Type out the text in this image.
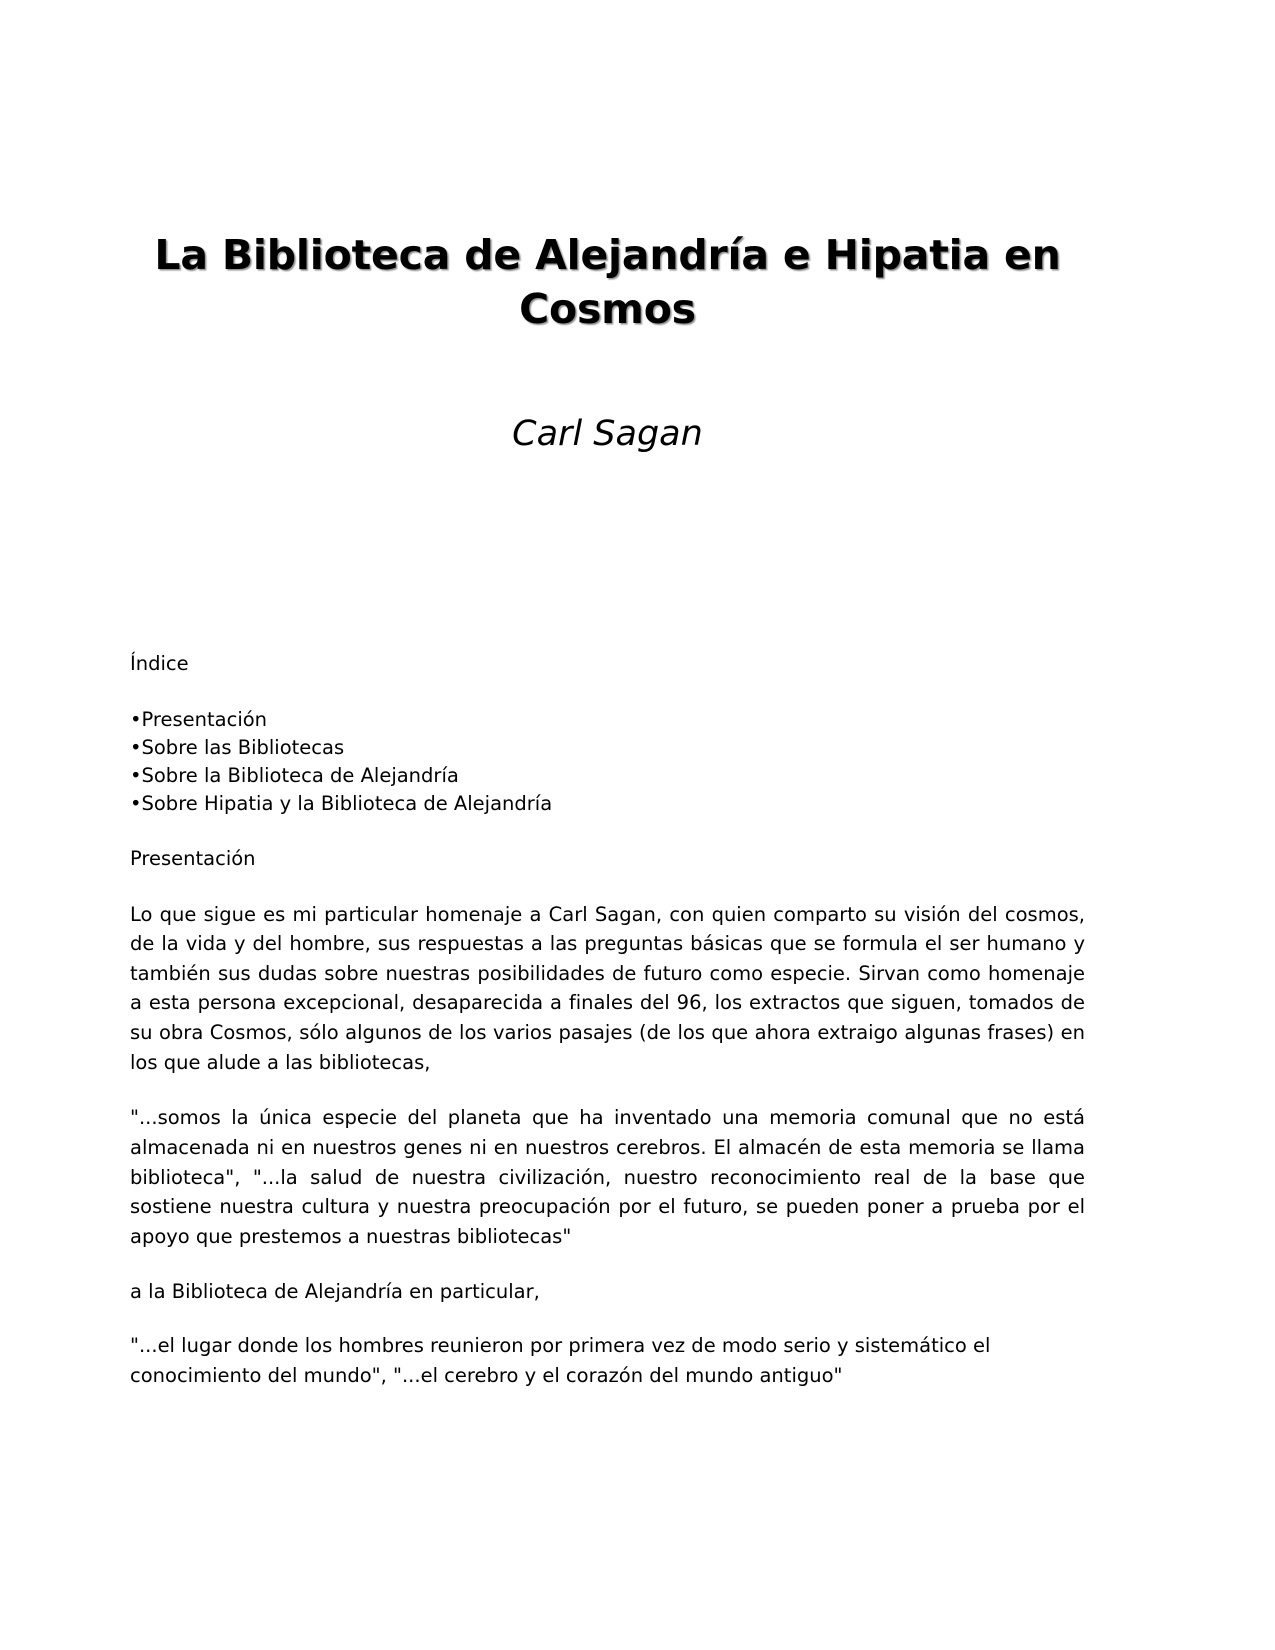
La Biblioteca de Alejandría e Hipatia en Cosmos
Carl Sagan

Índice

•Presentación
•Sobre las Bibliotecas
•Sobre la Biblioteca de Alejandría
•Sobre Hipatia y la Biblioteca de Alejandría

Presentación

Lo que sigue es mi particular homenaje a Carl Sagan, con quien comparto su visión del cosmos, de la vida y del hombre, sus respuestas a las preguntas básicas que se formula el ser humano y también sus dudas sobre nuestras posibilidades de futuro como especie. Sirvan como homenaje a esta persona excepcional, desaparecida a finales del 96, los extractos que siguen, tomados de su obra Cosmos, sólo algunos de los varios pasajes (de los que ahora extraigo algunas frases) en los que alude a las bibliotecas,

"...somos la única especie del planeta que ha inventado una memoria comunal que no está almacenada ni en nuestros genes ni en nuestros cerebros. El almacén de esta memoria se llama biblioteca", "...la salud de nuestra civilización, nuestro reconocimiento real de la base que sostiene nuestra cultura y nuestra preocupación por el futuro, se pueden poner a prueba por el apoyo que prestemos a nuestras bibliotecas"

a la Biblioteca de Alejandría en particular,

"...el lugar donde los hombres reunieron por primera vez de modo serio y sistemático el conocimiento del mundo", "...el cerebro y el corazón del mundo antiguo"
